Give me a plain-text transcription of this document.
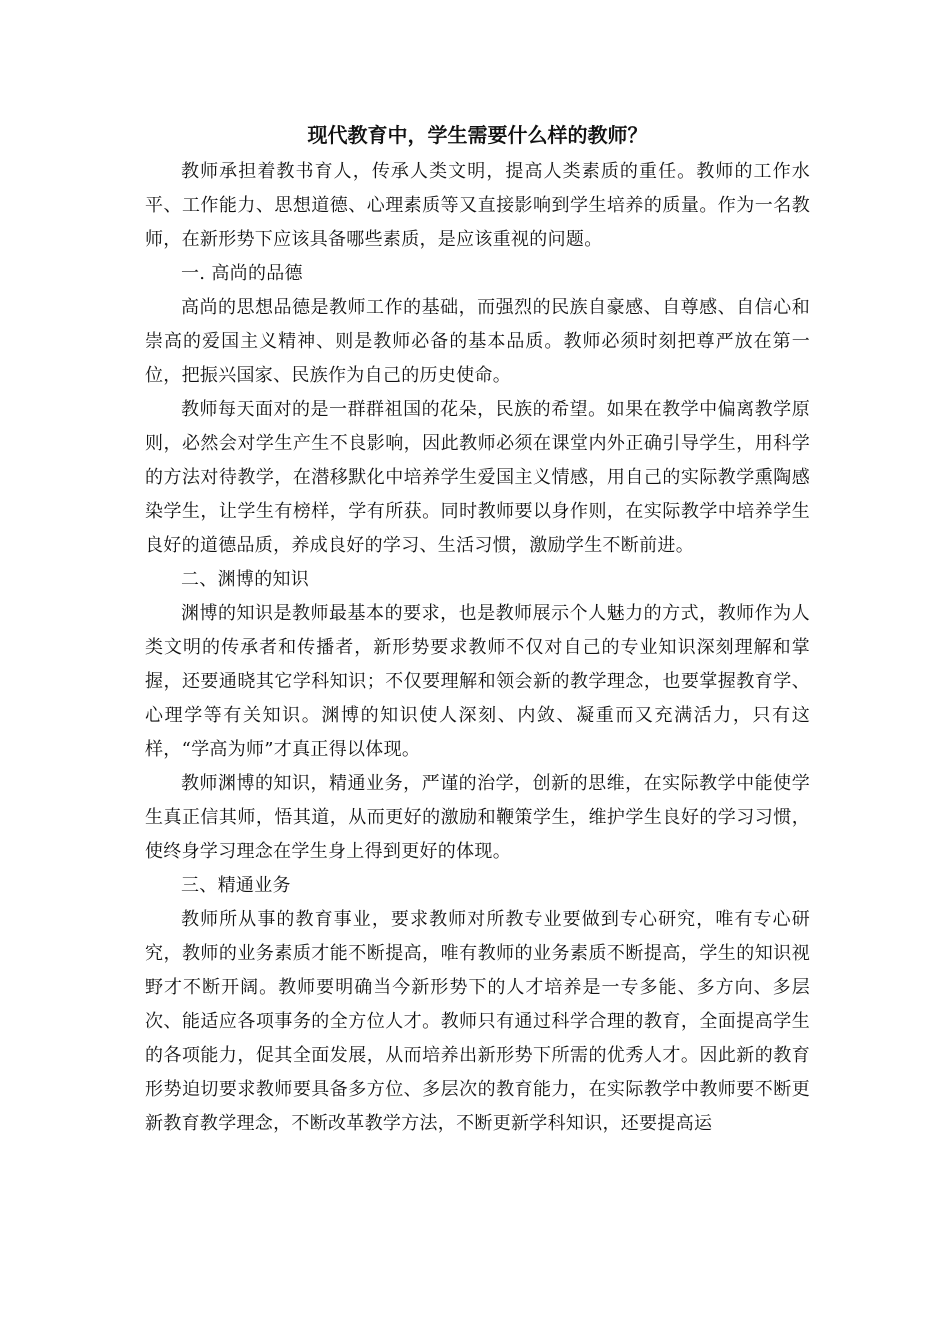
现代教育中，学生需要什么样的教师？

教师承担着教书育人，传承人类文明，提高人类素质的重任。教师的工作水平、工作能力、思想道德、心理素质等又直接影响到学生培养的质量。作为一名教师，在新形势下应该具备哪些素质，是应该重视的问题。

一. 高尚的品德

高尚的思想品德是教师工作的基础，而强烈的民族自豪感、自尊感、自信心和崇高的爱国主义精神、则是教师必备的基本品质。教师必须时刻把尊严放在第一位，把振兴国家、民族作为自己的历史使命。

教师每天面对的是一群群祖国的花朵，民族的希望。如果在教学中偏离教学原则，必然会对学生产生不良影响，因此教师必须在课堂内外正确引导学生，用科学的方法对待教学，在潜移默化中培养学生爱国主义情感，用自己的实际教学熏陶感染学生，让学生有榜样，学有所获。同时教师要以身作则，在实际教学中培养学生良好的道德品质，养成良好的学习、生活习惯，激励学生不断前进。

二、渊博的知识

渊博的知识是教师最基本的要求，也是教师展示个人魅力的方式，教师作为人类文明的传承者和传播者，新形势要求教师不仅对自己的专业知识深刻理解和掌握，还要通晓其它学科知识；不仅要理解和领会新的教学理念，也要掌握教育学、心理学等有关知识。渊博的知识使人深刻、内敛、凝重而又充满活力，只有这样，“学高为师”才真正得以体现。

教师渊博的知识，精通业务，严谨的治学，创新的思维，在实际教学中能使学生真正信其师，悟其道，从而更好的激励和鞭策学生，维护学生良好的学习习惯，使终身学习理念在学生身上得到更好的体现。

三、精通业务

教师所从事的教育事业，要求教师对所教专业要做到专心研究，唯有专心研究，教师的业务素质才能不断提高，唯有教师的业务素质不断提高，学生的知识视野才不断开阔。教师要明确当今新形势下的人才培养是一专多能、多方向、多层次、能适应各项事务的全方位人才。教师只有通过科学合理的教育，全面提高学生的各项能力，促其全面发展，从而培养出新形势下所需的优秀人才。因此新的教育形势迫切要求教师要具备多方位、多层次的教育能力，在实际教学中教师要不断更新教育教学理念，不断改革教学方法，不断更新学科知识，还要提高运
